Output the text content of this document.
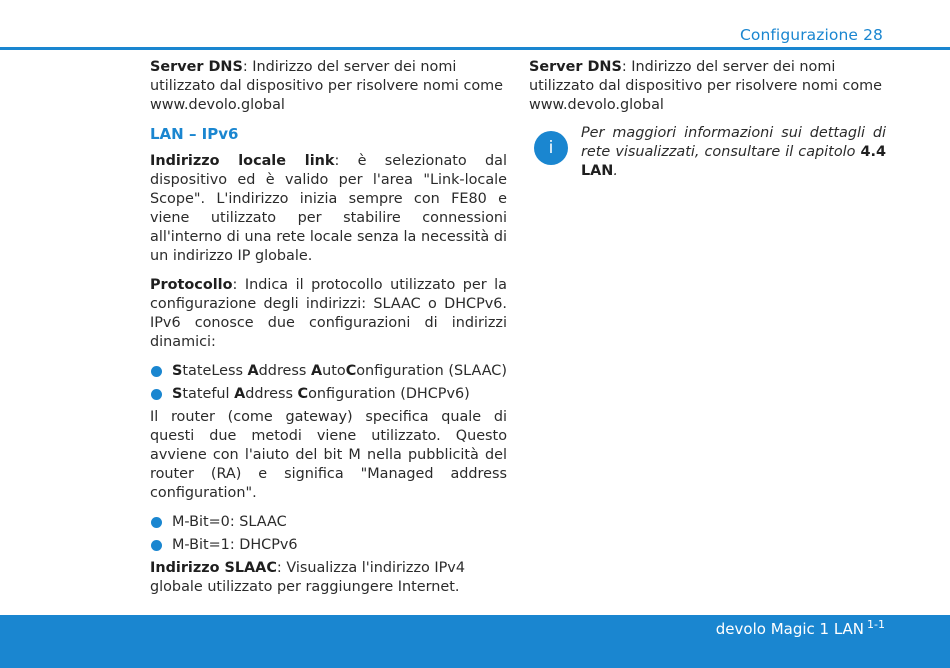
Configurazione 28

Server DNS: Indirizzo del server dei nomi utilizzato dal dispositivo per risolvere nomi come www.devolo.global

LAN – IPv6

Indirizzo locale link: è selezionato dal dispositivo ed è valido per l'area "Link-locale Scope". L'indirizzo inizia sempre con FE80 e viene utilizzato per stabilire connessioni all'interno di una rete locale senza la necessità di un indirizzo IP globale.

Protocollo: Indica il protocollo utilizzato per la configurazione degli indirizzi: SLAAC o DHCPv6. IPv6 conosce due configurazioni di indirizzi dinamici:

StateLess Address AutoConfiguration (SLAAC)
Stateful Address Configuration (DHCPv6)

Il router (come gateway) specifica quale di questi due metodi viene utilizzato. Questo avviene con l'aiuto del bit M nella pubblicità del router (RA) e significa "Managed address configuration".

M-Bit=0: SLAAC
M-Bit=1: DHCPv6

Indirizzo SLAAC: Visualizza l'indirizzo IPv4 globale utilizzato per raggiungere Internet.

Server DNS: Indirizzo del server dei nomi utilizzato dal dispositivo per risolvere nomi come www.devolo.global

i

Per maggiori informazioni sui dettagli di rete visualizzati, consultare il capitolo 4.4 LAN.

devolo Magic 1 LAN $^{1-1}$
